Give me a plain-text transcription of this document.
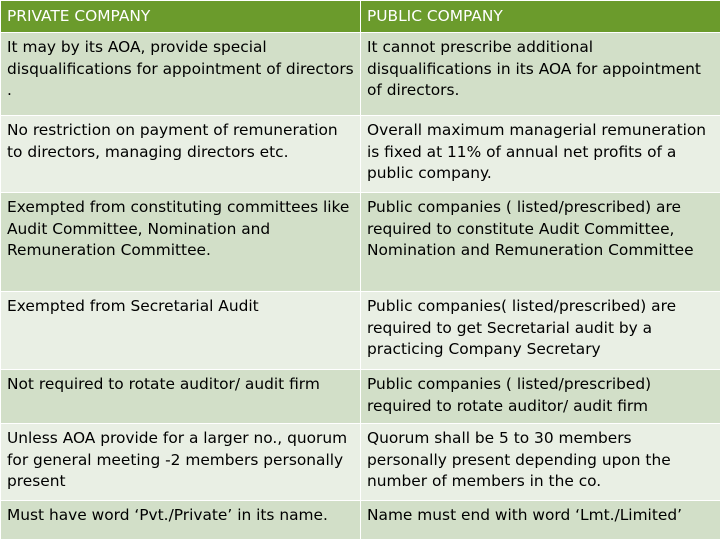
PRIVATE COMPANY	PUBLIC COMPANY
It may by its AOA, provide special disqualifications for appointment of directors .	It cannot prescribe additional disqualifications in its AOA for appointment of directors.
No restriction on payment of remuneration to directors, managing directors etc.	Overall maximum managerial remuneration is fixed at 11% of annual net profits of a public company.
Exempted from constituting committees like Audit Committee, Nomination and Remuneration Committee.	Public companies ( listed/prescribed) are required to constitute Audit Committee, Nomination and Remuneration Committee
Exempted from Secretarial Audit	Public companies( listed/prescribed) are required to get Secretarial audit by a practicing Company Secretary
Not required to rotate auditor/ audit firm	Public companies ( listed/prescribed) required to rotate auditor/ audit firm
Unless AOA provide for a larger no., quorum for general meeting -2 members personally present	Quorum shall be 5 to 30 members personally present depending upon the number of members in the co.
Must have word ‘Pvt./Private’ in its name.	Name must end with word ‘Lmt./Limited’
